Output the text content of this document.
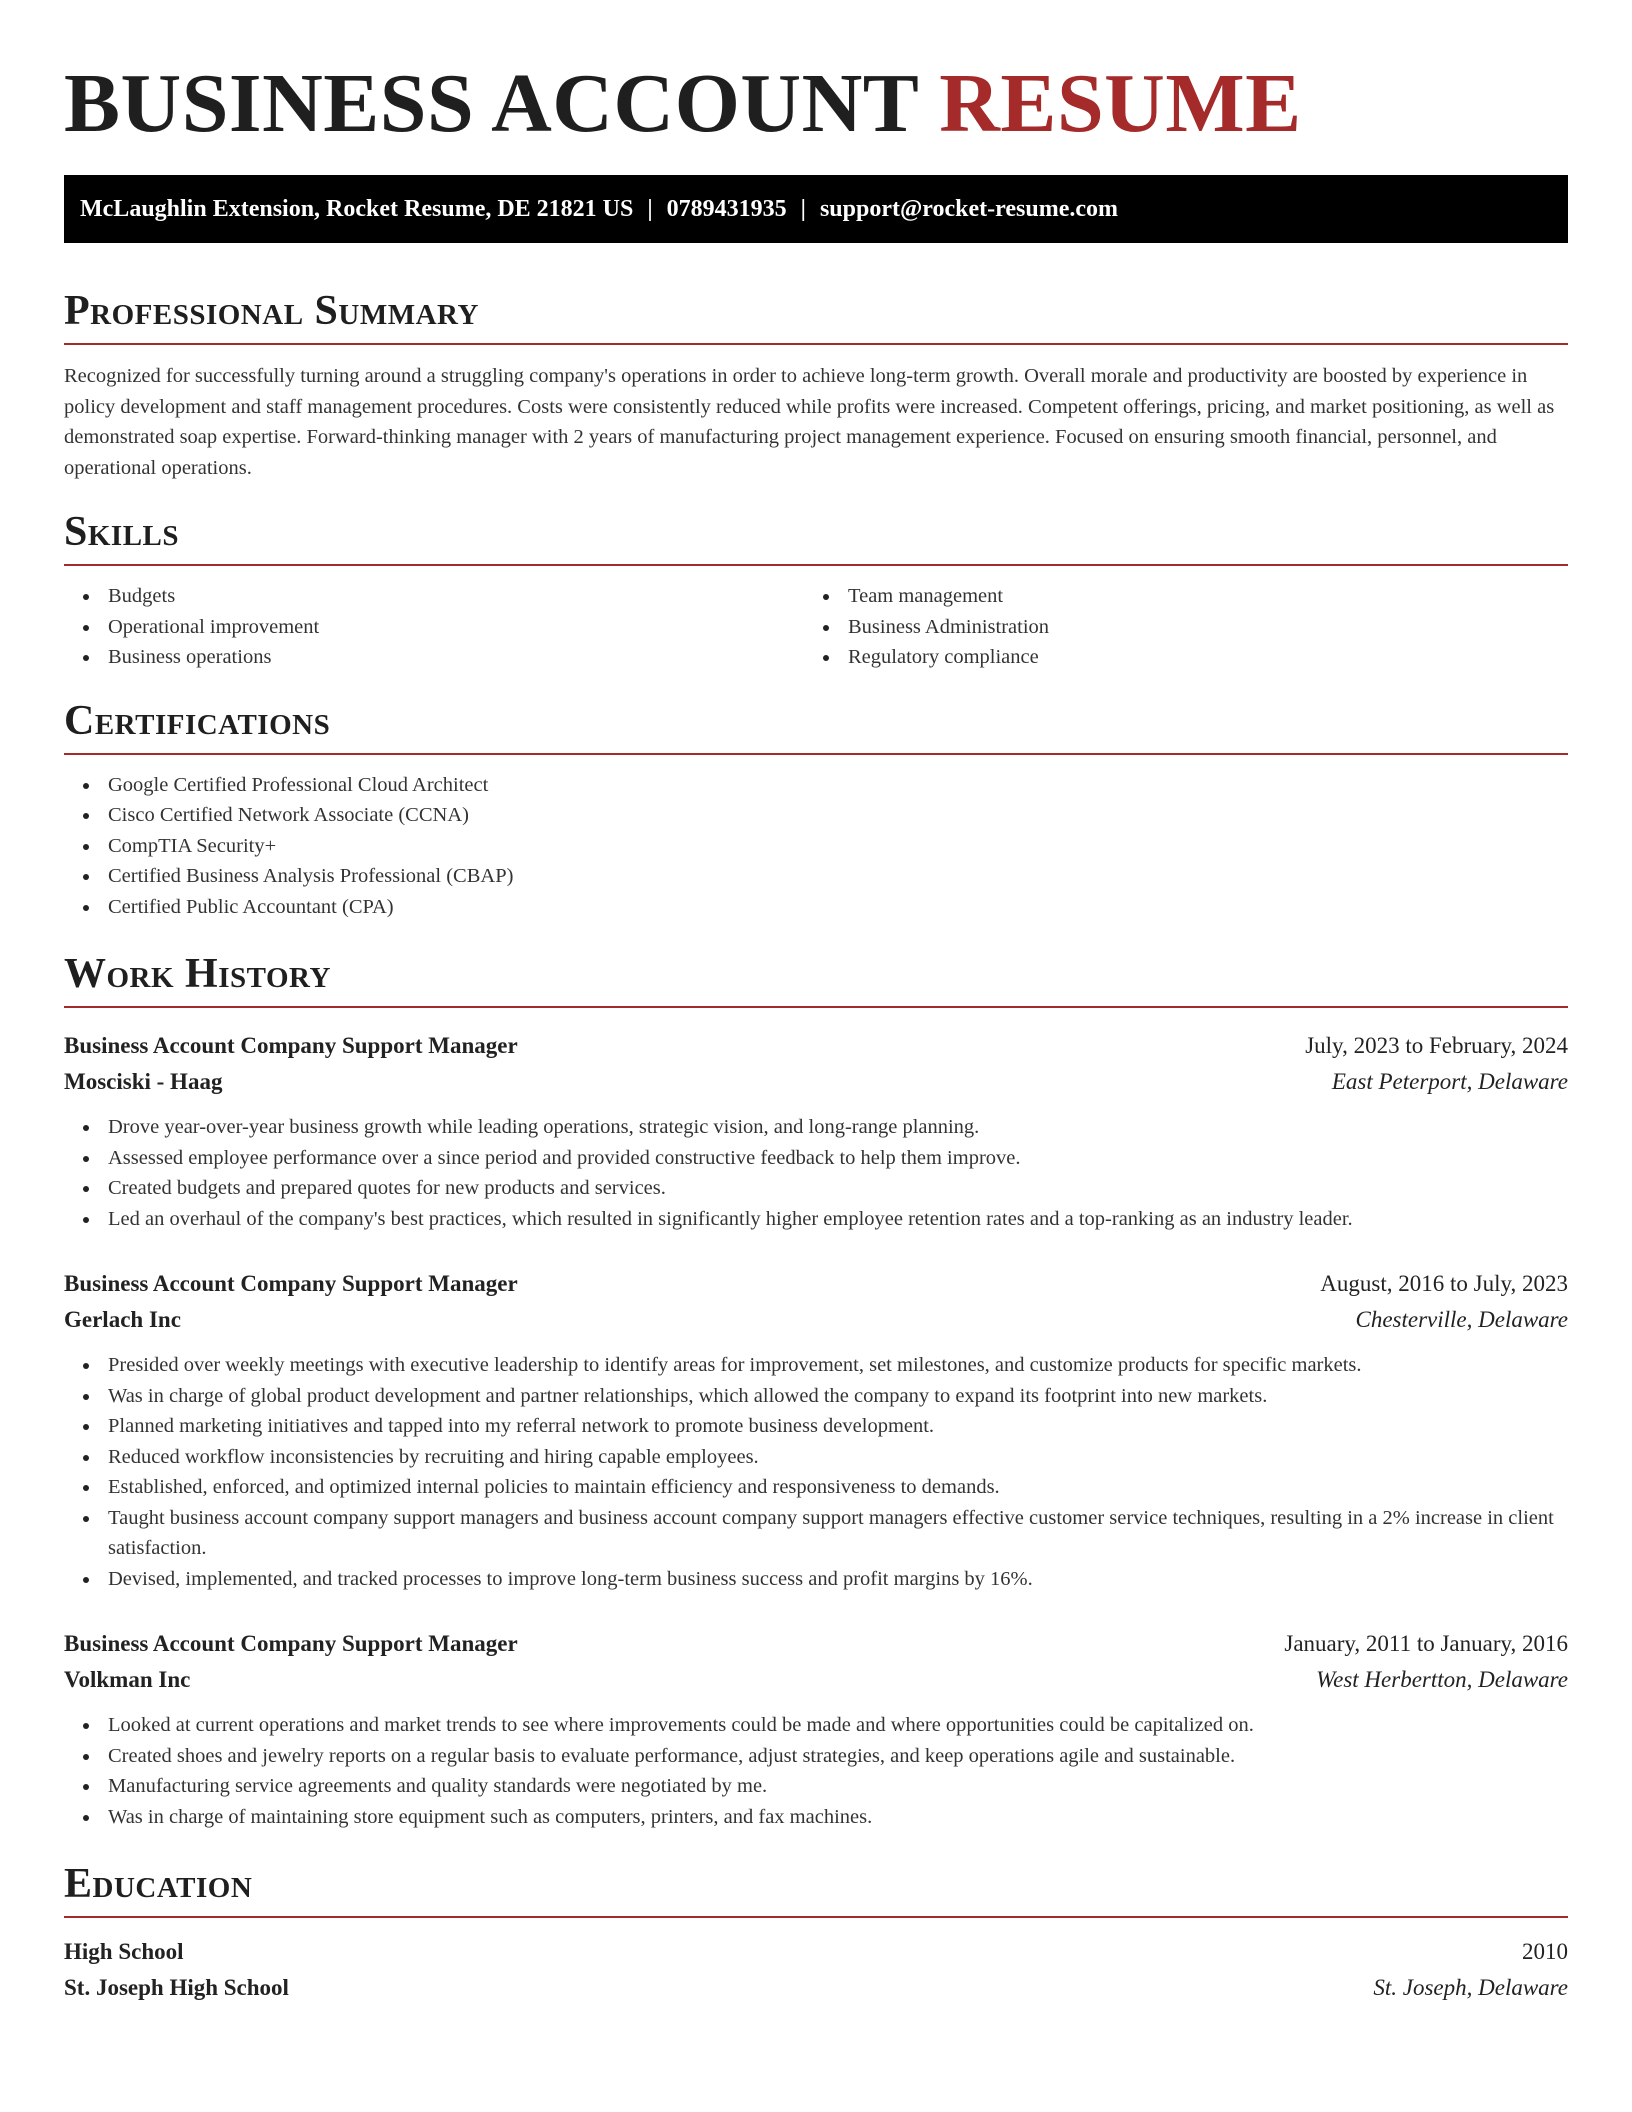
BUSINESS ACCOUNT RESUME
McLaughlin Extension, Rocket Resume, DE 21821 US | 0789431935 | support@rocket-resume.com
Professional Summary

Recognized for successfully turning around a struggling company's operations in order to achieve long-term growth. Overall morale and productivity are boosted by experience in policy development and staff management procedures. Costs were consistently reduced while profits were increased. Competent offerings, pricing, and market positioning, as well as demonstrated soap expertise. Forward-thinking manager with 2 years of manufacturing project management experience. Focused on ensuring smooth financial, personnel, and operational operations.

Skills
Budgets
Operational improvement
Business operations
Team management
Business Administration
Regulatory compliance
Certifications
Google Certified Professional Cloud Architect
Cisco Certified Network Associate (CCNA)
CompTIA Security+
Certified Business Analysis Professional (CBAP)
Certified Public Accountant (CPA)
Work History
Business Account Company Support Manager	July, 2023 to February, 2024
Mosciski - Haag	East Peterport, Delaware
Drove year-over-year business growth while leading operations, strategic vision, and long-range planning.
Assessed employee performance over a since period and provided constructive feedback to help them improve.
Created budgets and prepared quotes for new products and services.
Led an overhaul of the company's best practices, which resulted in significantly higher employee retention rates and a top-ranking as an industry leader.
Business Account Company Support Manager	August, 2016 to July, 2023
Gerlach Inc	Chesterville, Delaware
Presided over weekly meetings with executive leadership to identify areas for improvement, set milestones, and customize products for specific markets.
Was in charge of global product development and partner relationships, which allowed the company to expand its footprint into new markets.
Planned marketing initiatives and tapped into my referral network to promote business development.
Reduced workflow inconsistencies by recruiting and hiring capable employees.
Established, enforced, and optimized internal policies to maintain efficiency and responsiveness to demands.
Taught business account company support managers and business account company support managers effective customer service techniques, resulting in a 2% increase in client satisfaction.
Devised, implemented, and tracked processes to improve long-term business success and profit margins by 16%.
Business Account Company Support Manager	January, 2011 to January, 2016
Volkman Inc	West Herbertton, Delaware
Looked at current operations and market trends to see where improvements could be made and where opportunities could be capitalized on.
Created shoes and jewelry reports on a regular basis to evaluate performance, adjust strategies, and keep operations agile and sustainable.
Manufacturing service agreements and quality standards were negotiated by me.
Was in charge of maintaining store equipment such as computers, printers, and fax machines.
Education
High School	2010
St. Joseph High School	St. Joseph, Delaware
